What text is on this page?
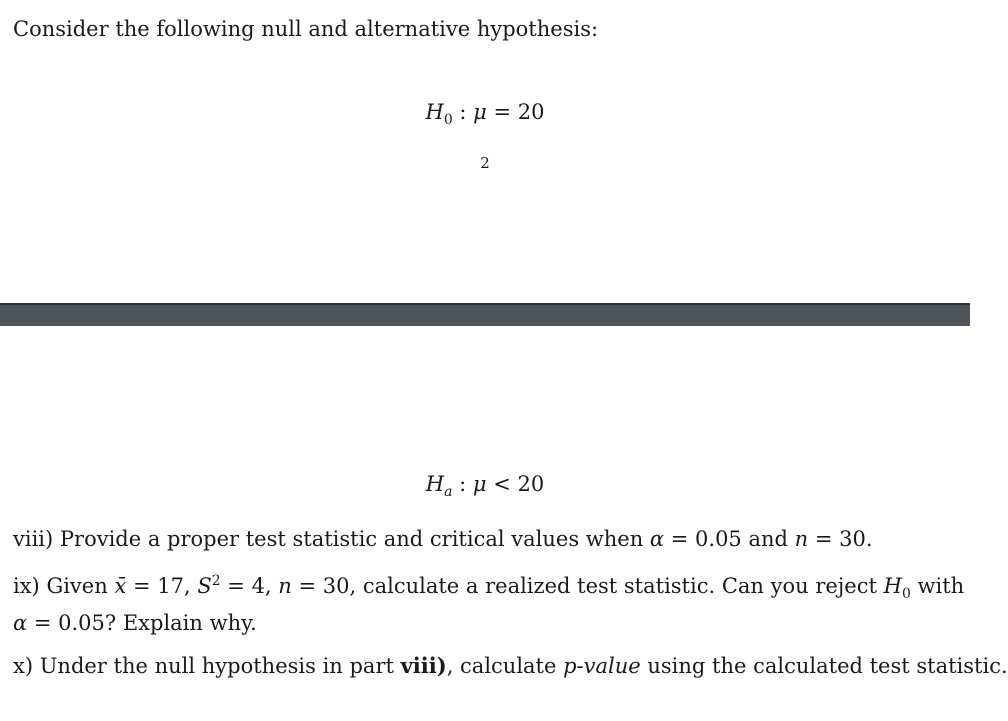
Consider the following null and alternative hypothesis:
$H_0$ : μ = 20
2
$H_a$ : μ < 20
viii) Provide a proper test statistic and critical values when α = 0.05 and n = 30.
ix) Given x̄ = 17, $S^2 = 4$, n = 30, calculate a realized test statistic. Can you reject $H_0$ with
α = 0.05? Explain why.
x) Under the null hypothesis in part viii), calculate p-value using the calculated test statistic.
